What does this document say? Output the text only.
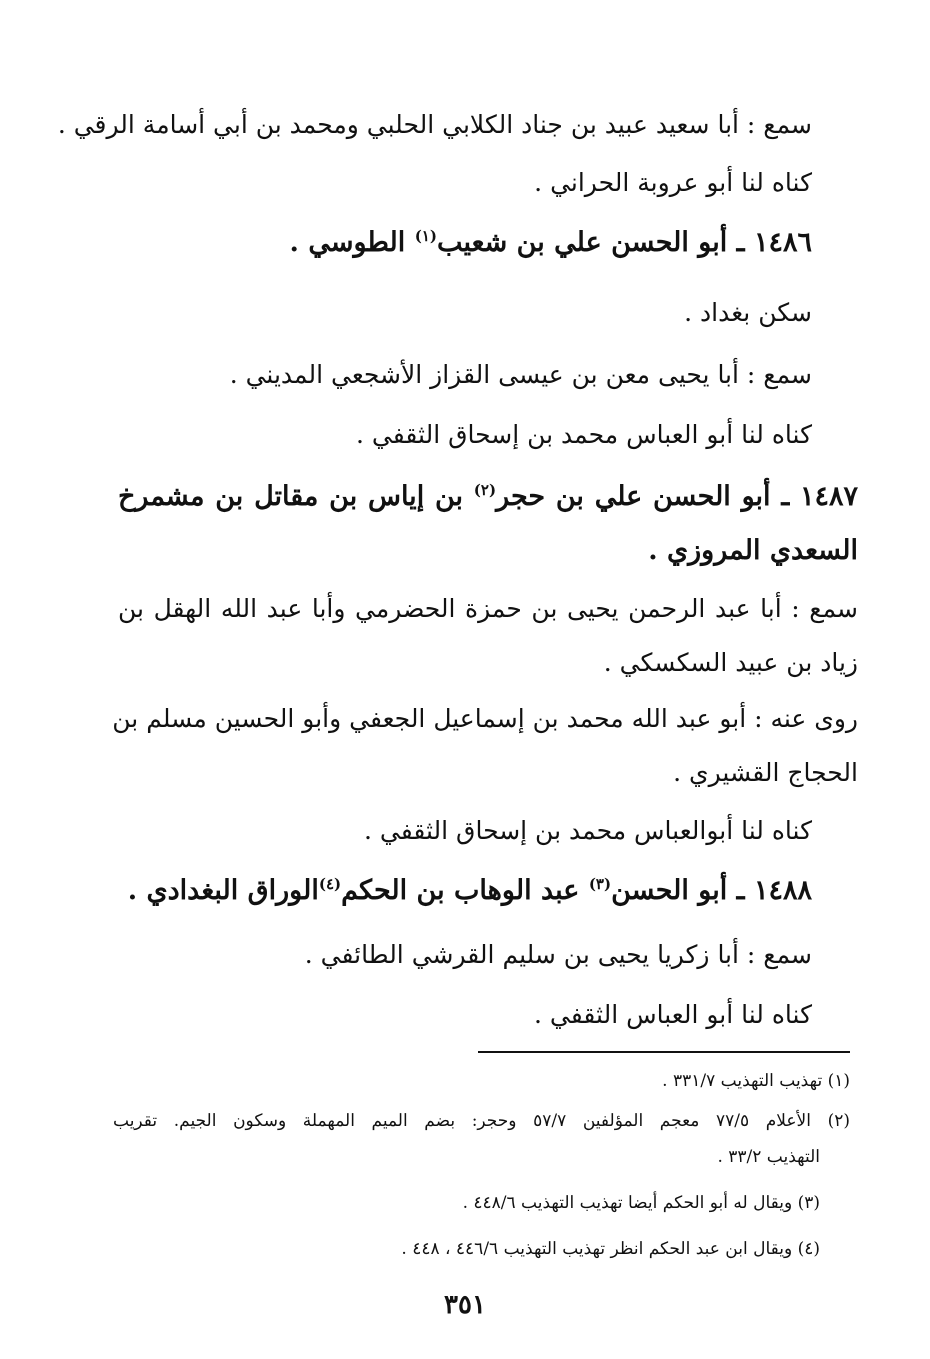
سمع : أبا سعيد عبيد بن جناد الكلابي الحلبي ومحمد بن أبي أسامة الرقي .
كناه لنا أبو عروبة الحراني .
١٤٨٦ ـ أبو الحسن علي بن شعيب$^{(١)}$ الطوسي .
سكن بغداد .
سمع : أبا يحيى معن بن عيسى القزاز الأشجعي المديني .
كناه لنا أبو العباس محمد بن إسحاق الثقفي .
١٤٨٧ ـ أبو الحسن علي بن حجر$^{(٢)}$ بن إياس بن مقاتل بن مشمرخ
السعدي المروزي .
سمع : أبا عبد الرحمن يحيى بن حمزة الحضرمي وأبا عبد الله الهقل بن
زياد بن عبيد السكسكي .
روى عنه : أبو عبد الله محمد بن إسماعيل الجعفي وأبو الحسين مسلم بن
الحجاج القشيري .
كناه لنا أبوالعباس محمد بن إسحاق الثقفي .
١٤٨٨ ـ أبو الحسن$^{(٣)}$ عبد الوهاب بن الحكم$^{(٤)}$الوراق البغدادي .
سمع : أبا زكريا يحيى بن سليم القرشي الطائفي .
كناه لنا أبو العباس الثقفي .
(١) تهذيب التهذيب ٣٣١/٧ .
(٢) الأعلام ٧٧/٥ معجم المؤلفين ٥٧/٧ وحجر: بضم الميم المهملة وسكون الجيم. تقريب
التهذيب ٣٣/٢ .
(٣) ويقال له أبو الحكم أيضا تهذيب التهذيب ٤٤٨/٦ .
(٤) ويقال ابن عبد الحكم انظر تهذيب التهذيب ٤٤٦/٦ ، ٤٤٨ .
٣٥١
